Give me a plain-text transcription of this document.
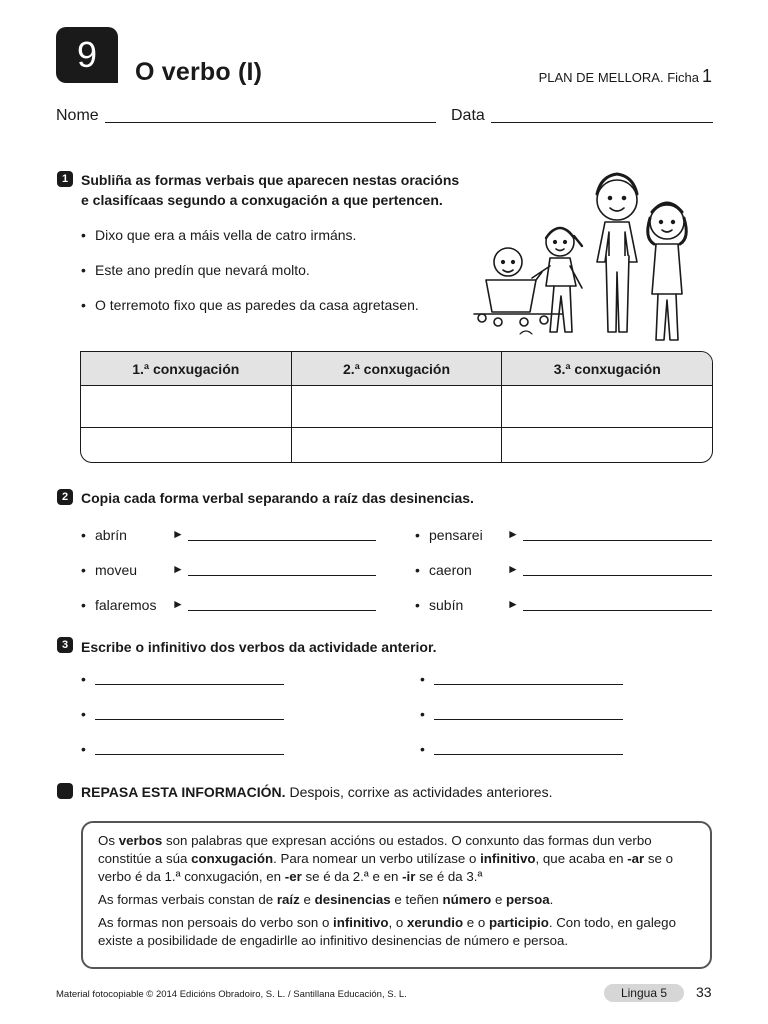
9	O verbo (I)	PLAN DE MELLORA. Ficha 1
Nome	Data
1 Subliña as formas verbais que aparecen nestas oracións
e clasifícaas segundo a conxugación a que pertencen.
• Dixo que era a máis vella de catro irmáns.
• Este ano predín que nevará molto.
• O terremoto fixo que as paredes da casa agretasen.
1.ª conxugación	2.ª conxugación	3.ª conxugación

2 Copia cada forma verbal separando a raíz das desinencias.
• abrín	►
• moveu	►
• falaremos ►
• pensarei ►
• caeron	►
• subín	►
3 Escribe o infinitivo dos verbos da actividade anterior.
•
•
•
•
•
•
REPASA ESTA INFORMACIÓN. Despois, corrixe as actividades anteriores.

Os verbos son palabras que expresan accións ou estados. O conxunto das formas dun verbo constitúe a súa conxugación. Para nomear un verbo utilízase o infinitivo, que acaba en -ar se o verbo é da 1.ª conxugación, en -er se é da 2.ª e en -ir se é da 3.ª

As formas verbais constan de raíz e desinencias e teñen número e persoa.

As formas non persoais do verbo son o infinitivo, o xerundio e o participio. Con todo, en galego existe a posibilidade de engadirlle ao infinitivo desinencias de número e persoa.

Material fotocopiable © 2014 Edicións Obradoiro, S. L. / Santillana Educación, S. L.	Lingua 5	33
